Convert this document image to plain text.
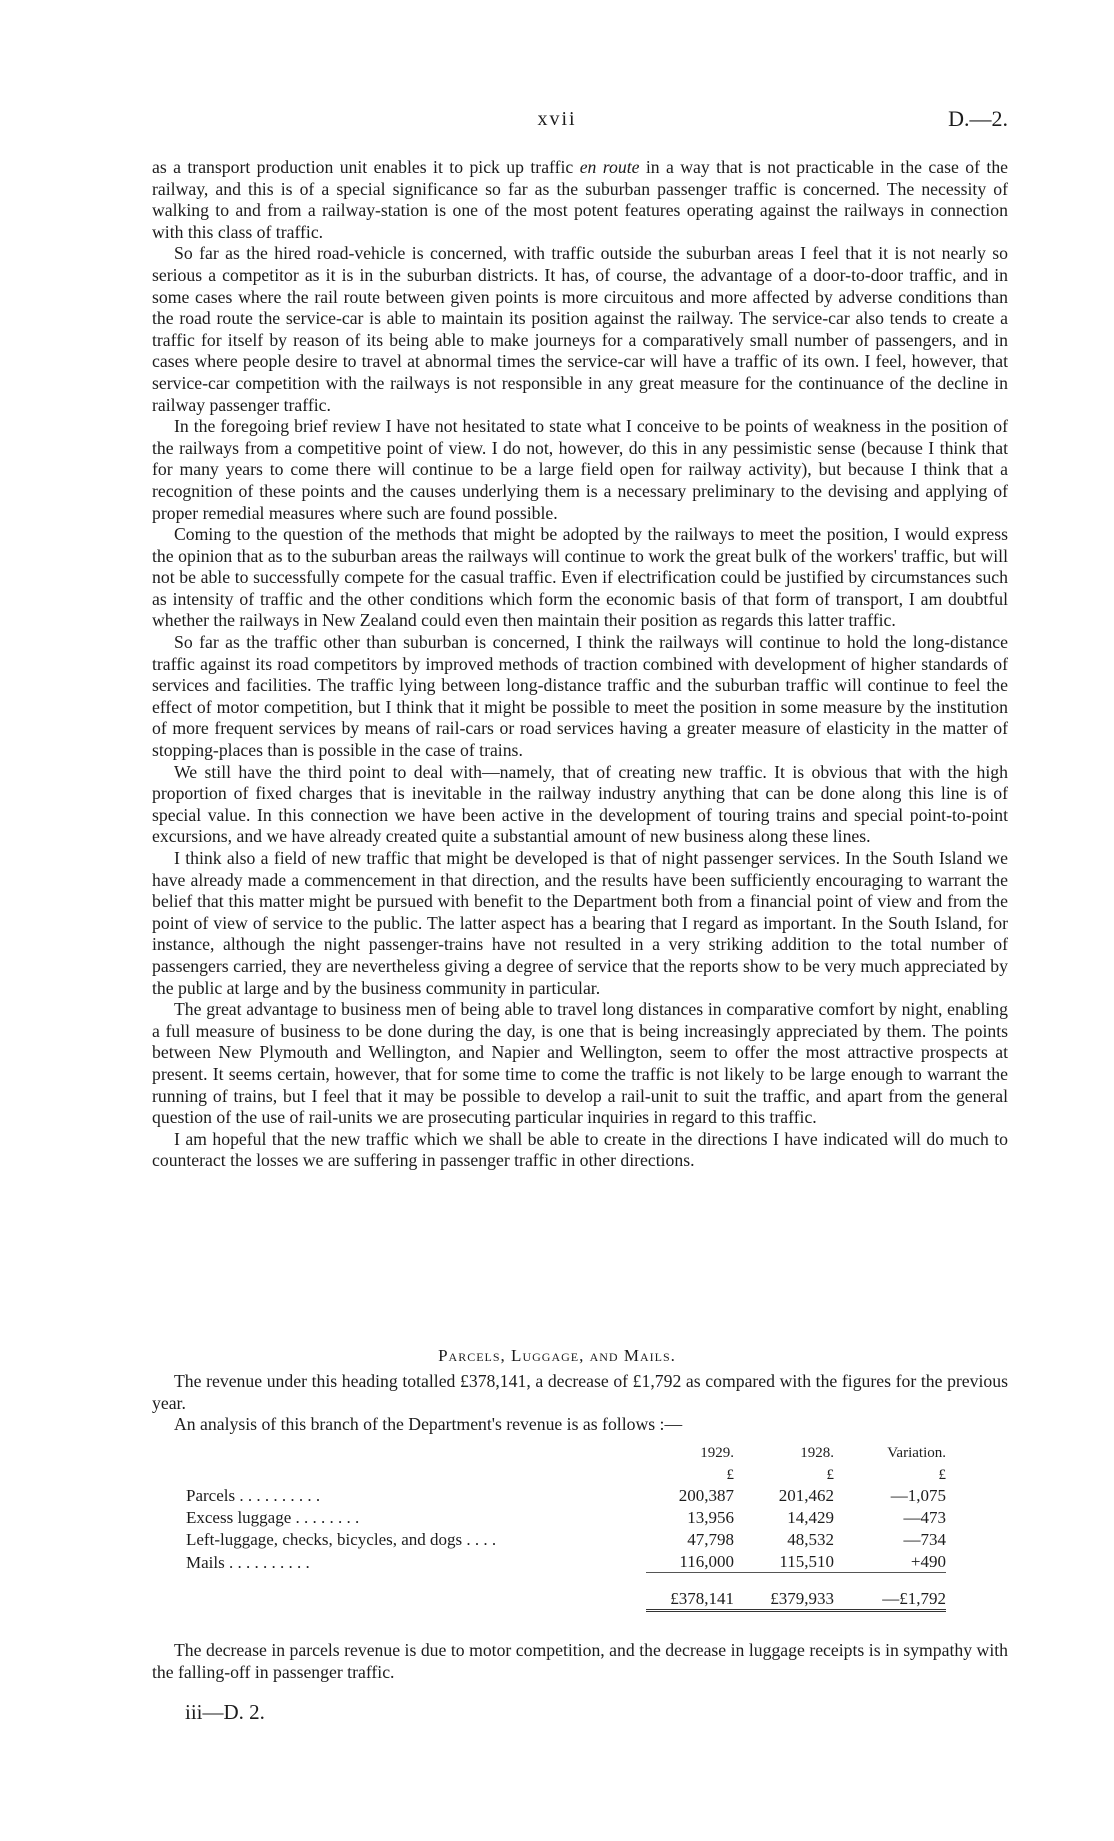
xvii	D.—2.

as a transport production unit enables it to pick up traffic en route in a way that is not practicable in the case of the railway, and this is of a special significance so far as the suburban passenger traffic is concerned. The necessity of walking to and from a railway-station is one of the most potent features operating against the railways in connection with this class of traffic.

So far as the hired road-vehicle is concerned, with traffic outside the suburban areas I feel that it is not nearly so serious a competitor as it is in the suburban districts. It has, of course, the advantage of a door-to-door traffic, and in some cases where the rail route between given points is more circuitous and more affected by adverse conditions than the road route the service-car is able to maintain its position against the railway. The service-car also tends to create a traffic for itself by reason of its being able to make journeys for a comparatively small number of passengers, and in cases where people desire to travel at abnormal times the service-car will have a traffic of its own. I feel, however, that service-car competition with the railways is not responsible in any great measure for the continuance of the decline in railway passenger traffic.

In the foregoing brief review I have not hesitated to state what I conceive to be points of weakness in the position of the railways from a competitive point of view. I do not, however, do this in any pessimistic sense (because I think that for many years to come there will continue to be a large field open for railway activity), but because I think that a recognition of these points and the causes underlying them is a necessary preliminary to the devising and applying of proper remedial measures where such are found possible.

Coming to the question of the methods that might be adopted by the railways to meet the position, I would express the opinion that as to the suburban areas the railways will continue to work the great bulk of the workers' traffic, but will not be able to successfully compete for the casual traffic. Even if electrification could be justified by circumstances such as intensity of traffic and the other conditions which form the economic basis of that form of transport, I am doubtful whether the railways in New Zealand could even then maintain their position as regards this latter traffic.

So far as the traffic other than suburban is concerned, I think the railways will continue to hold the long-distance traffic against its road competitors by improved methods of traction combined with development of higher standards of services and facilities. The traffic lying between long-distance traffic and the suburban traffic will continue to feel the effect of motor competition, but I think that it might be possible to meet the position in some measure by the institution of more frequent services by means of rail-cars or road services having a greater measure of elasticity in the matter of stopping-places than is possible in the case of trains.

We still have the third point to deal with—namely, that of creating new traffic. It is obvious that with the high proportion of fixed charges that is inevitable in the railway industry anything that can be done along this line is of special value. In this connection we have been active in the development of touring trains and special point-to-point excursions, and we have already created quite a substantial amount of new business along these lines.

I think also a field of new traffic that might be developed is that of night passenger services. In the South Island we have already made a commencement in that direction, and the results have been sufficiently encouraging to warrant the belief that this matter might be pursued with benefit to the Department both from a financial point of view and from the point of view of service to the public. The latter aspect has a bearing that I regard as important. In the South Island, for instance, although the night passenger-trains have not resulted in a very striking addition to the total number of passengers carried, they are nevertheless giving a degree of service that the reports show to be very much appreciated by the public at large and by the business community in particular.

The great advantage to business men of being able to travel long distances in comparative comfort by night, enabling a full measure of business to be done during the day, is one that is being increasingly appreciated by them. The points between New Plymouth and Wellington, and Napier and Wellington, seem to offer the most attractive prospects at present. It seems certain, however, that for some time to come the traffic is not likely to be large enough to warrant the running of trains, but I feel that it may be possible to develop a rail-unit to suit the traffic, and apart from the general question of the use of rail-units we are prosecuting particular inquiries in regard to this traffic.

I am hopeful that the new traffic which we shall be able to create in the directions I have indicated will do much to counteract the losses we are suffering in passenger traffic in other directions.

Parcels, Luggage, and Mails.

The revenue under this heading totalled £378,141, a decrease of £1,792 as compared with the figures for the previous year.

An analysis of this branch of the Department's revenue is as follows :—

	1929.	1928.	Variation.
	£	£	£
Parcels . . . . . . . . . .	200,387	201,462	—1,075
Excess luggage . . . . . . . .	13,956	14,429	—473
Left-luggage, checks, bicycles, and dogs . . . .	47,798	48,532	—734
Mails . . . . . . . . . .	116,000	115,510	+490

	£378,141	£379,933	—£1,792

The decrease in parcels revenue is due to motor competition, and the decrease in luggage receipts is in sympathy with the falling-off in passenger traffic.

iii—D. 2.
